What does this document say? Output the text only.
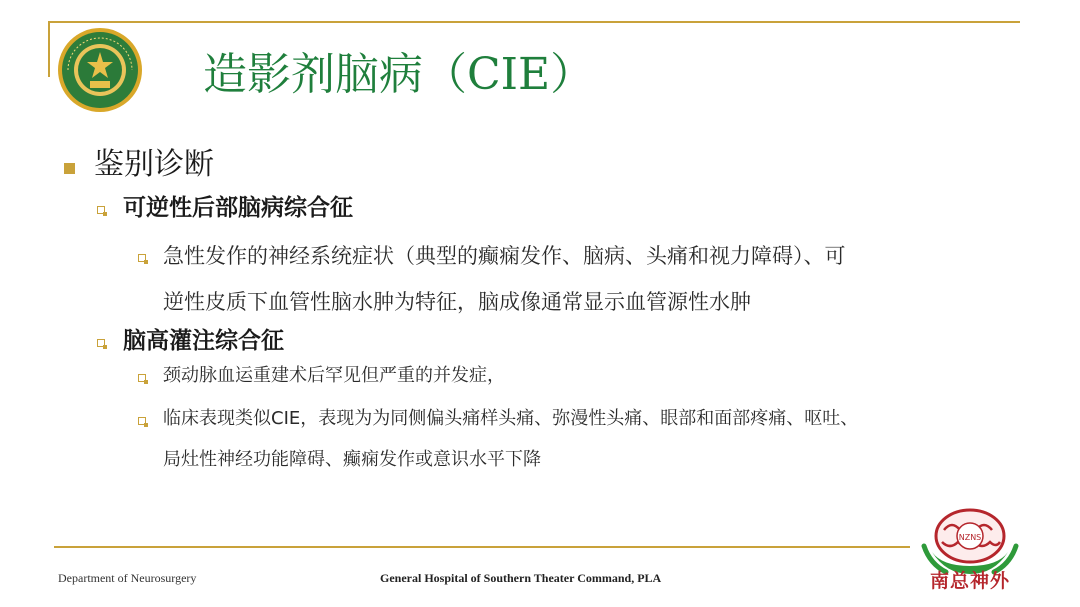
造影剂脑病（CIE）
鉴别诊断
可逆性后部脑病综合征
急性发作的神经系统症状（典型的癫痫发作、脑病、头痛和视力障碍）、可
逆性皮质下血管性脑水肿为特征，脑成像通常显示血管源性水肿
脑高灌注综合征
颈动脉血运重建术后罕见但严重的并发症，
临床表现类似CIE，表现为为同侧偏头痛样头痛、弥漫性头痛、眼部和面部疼痛、呕吐、
局灶性神经功能障碍、癫痫发作或意识水平下降
Department of Neurosurgery	General Hospital of Southern Theater Command, PLA
NZNS
南总神外
